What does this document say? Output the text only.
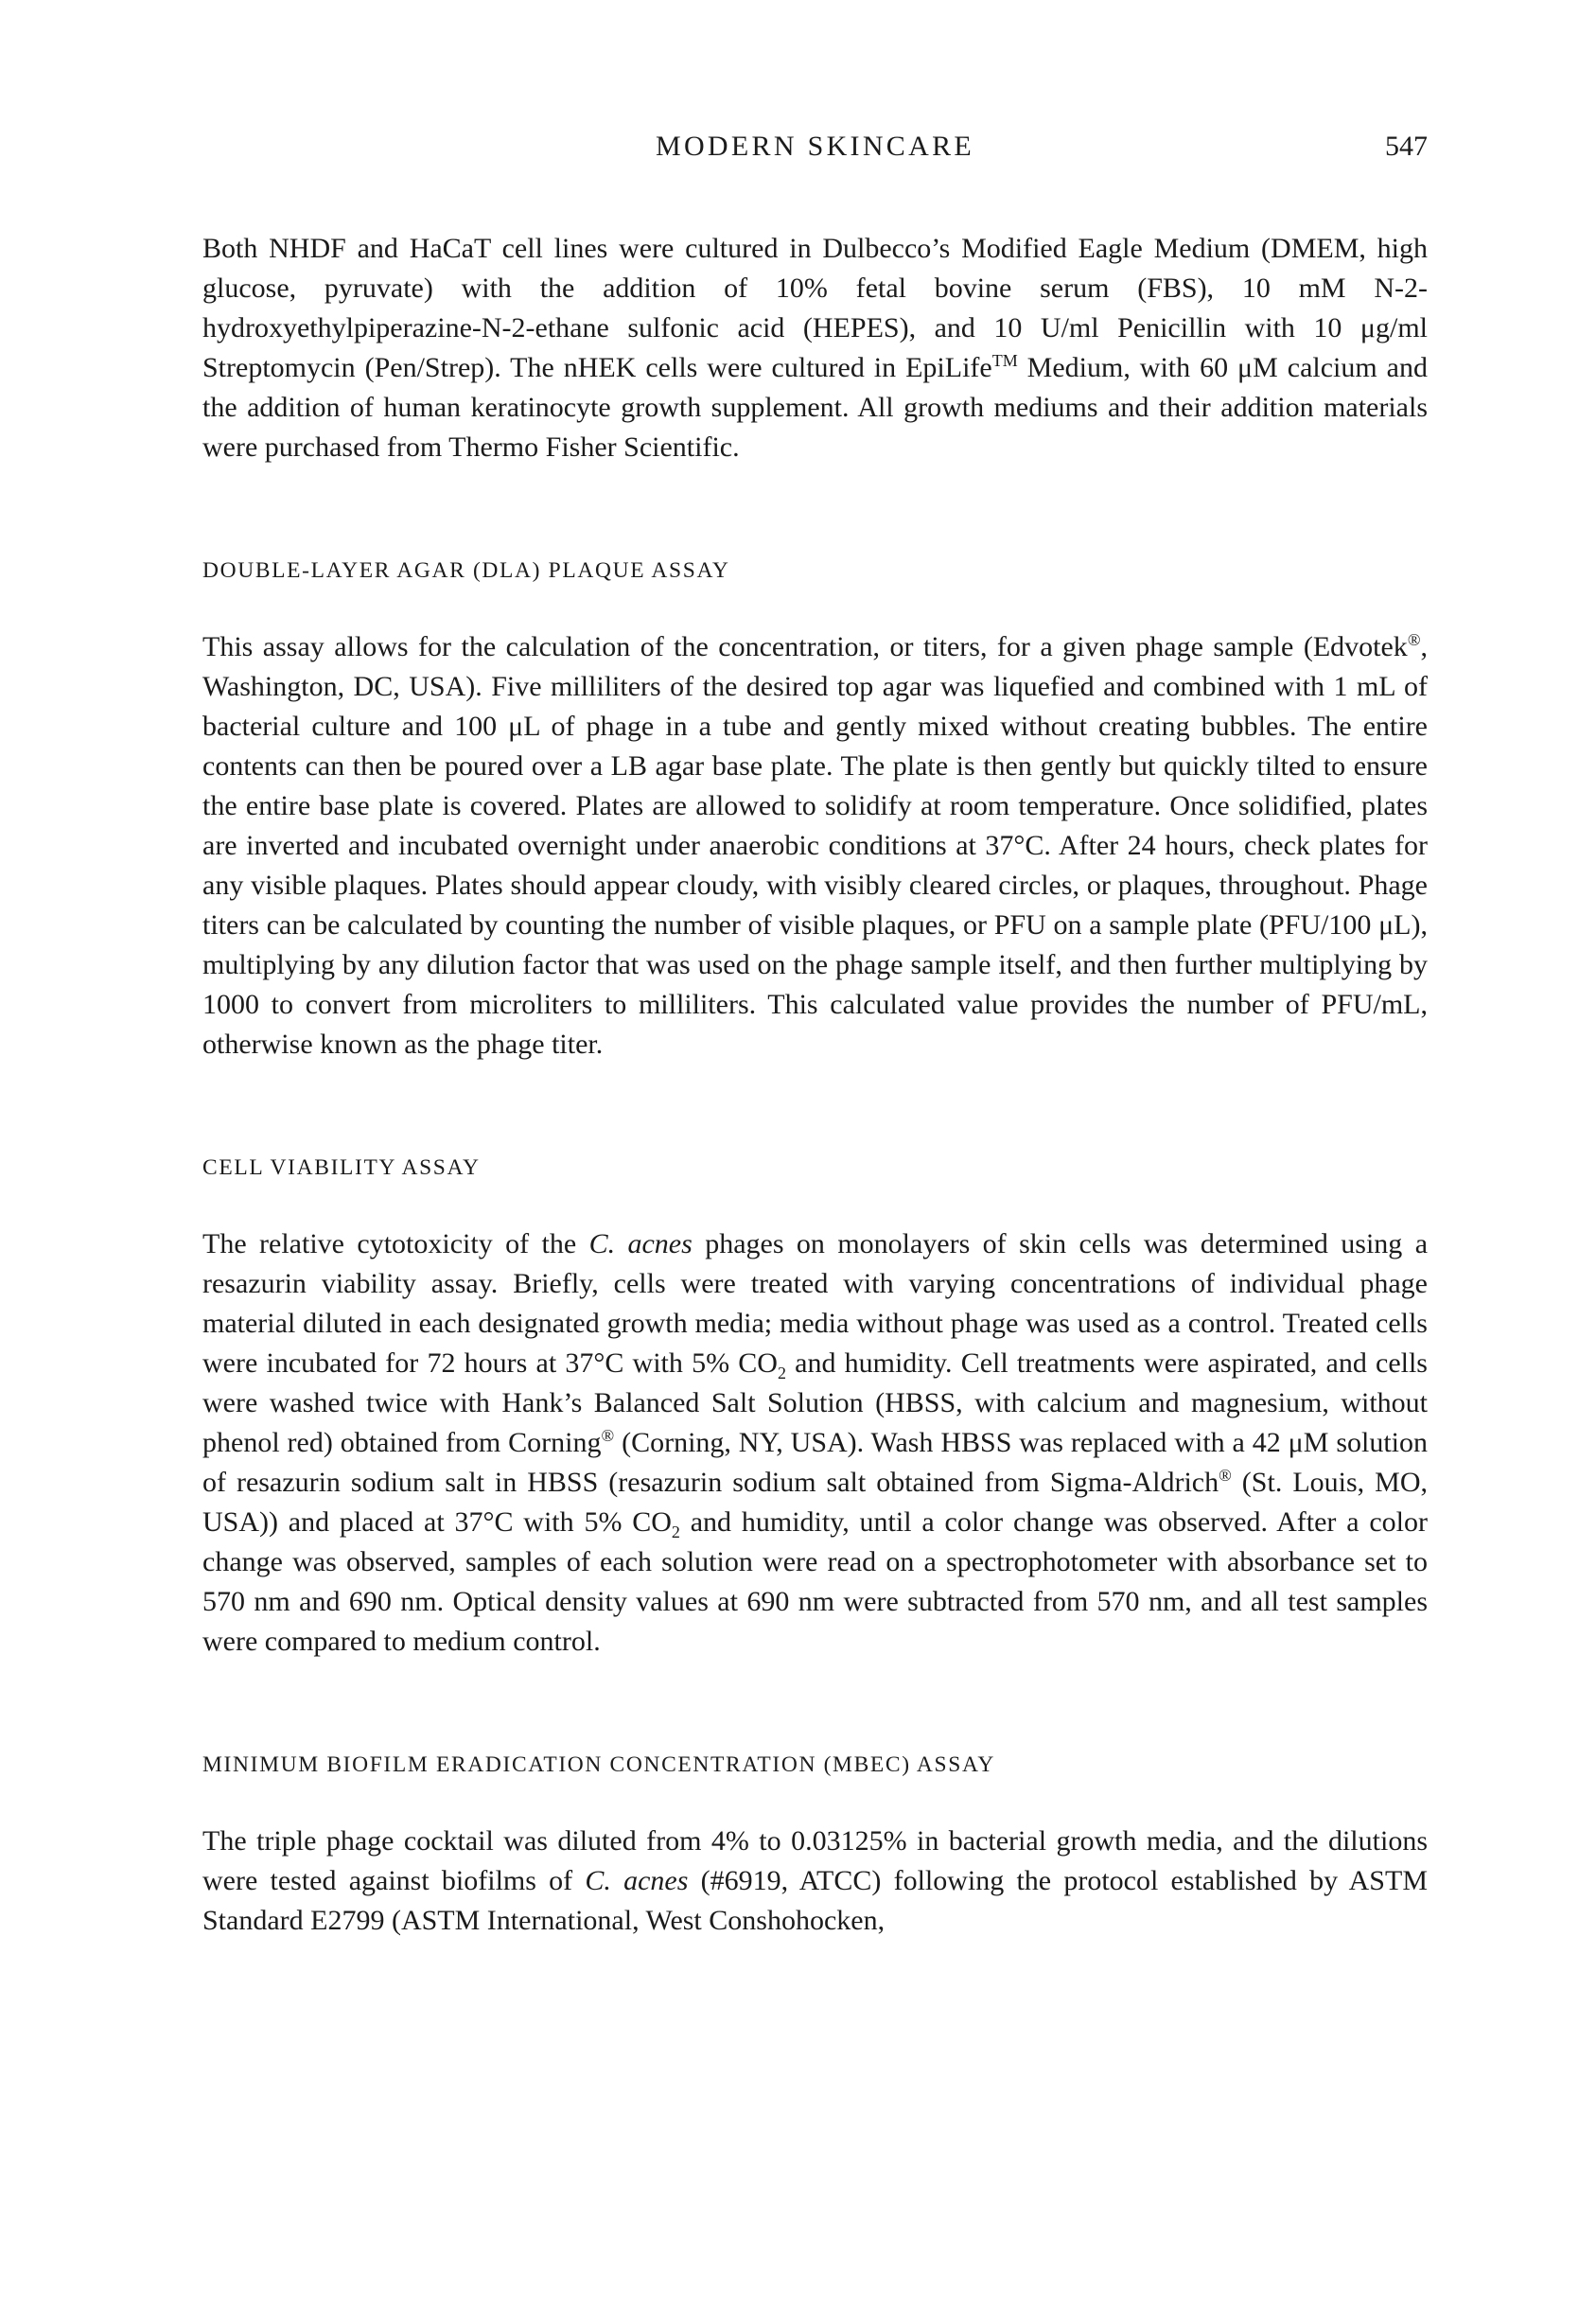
MODERN SKINCARE	547

Both NHDF and HaCaT cell lines were cultured in Dulbecco’s Modified Eagle Medium (DMEM, high glucose, pyruvate) with the addition of 10% fetal bovine serum (FBS), 10 mM N-2-hydroxyethylpiperazine-N-2-ethane sulfonic acid (HEPES), and 10 U/ml Penicillin with 10 μg/ml Streptomycin (Pen/Strep). The nHEK cells were cultured in EpiLife™ Medium, with 60 μM calcium and the addition of human keratinocyte growth supplement. All growth mediums and their addition materials were purchased from Thermo Fisher Scientific.

DOUBLE-LAYER AGAR (DLA) PLAQUE ASSAY

This assay allows for the calculation of the concentration, or titers, for a given phage sample (Edvotek®, Washington, DC, USA). Five milliliters of the desired top agar was liquefied and combined with 1 mL of bacterial culture and 100 μL of phage in a tube and gently mixed without creating bubbles. The entire contents can then be poured over a LB agar base plate. The plate is then gently but quickly tilted to ensure the entire base plate is covered. Plates are allowed to solidify at room temperature. Once solidified, plates are inverted and incubated overnight under anaerobic conditions at 37°C. After 24 hours, check plates for any visible plaques. Plates should appear cloudy, with visibly cleared circles, or plaques, throughout. Phage titers can be calculated by counting the number of visible plaques, or PFU on a sample plate (PFU/100 μL), multiplying by any dilution factor that was used on the phage sample itself, and then further multiplying by 1000 to convert from microliters to milliliters. This calculated value provides the number of PFU/mL, otherwise known as the phage titer.

CELL VIABILITY ASSAY

The relative cytotoxicity of the C. acnes phages on monolayers of skin cells was determined using a resazurin viability assay. Briefly, cells were treated with varying concentrations of individual phage material diluted in each designated growth media; media without phage was used as a control. Treated cells were incubated for 72 hours at 37°C with 5% $CO_2$ and humidity. Cell treatments were aspirated, and cells were washed twice with Hank’s Balanced Salt Solution (HBSS, with calcium and magnesium, without phenol red) obtained from Corning® (Corning, NY, USA). Wash HBSS was replaced with a 42 μM solution of resazurin sodium salt in HBSS (resazurin sodium salt obtained from Sigma-Aldrich® (St. Louis, MO, USA)) and placed at 37°C with 5% $CO_2$ and humidity, until a color change was observed. After a color change was observed, samples of each solution were read on a spectrophotometer with absorbance set to 570 nm and 690 nm. Optical density values at 690 nm were subtracted from 570 nm, and all test samples were compared to medium control.

MINIMUM BIOFILM ERADICATION CONCENTRATION (MBEC) ASSAY

The triple phage cocktail was diluted from 4% to 0.03125% in bacterial growth media, and the dilutions were tested against biofilms of C. acnes (#6919, ATCC) following the protocol established by ASTM Standard E2799 (ASTM International, West Conshohocken,
